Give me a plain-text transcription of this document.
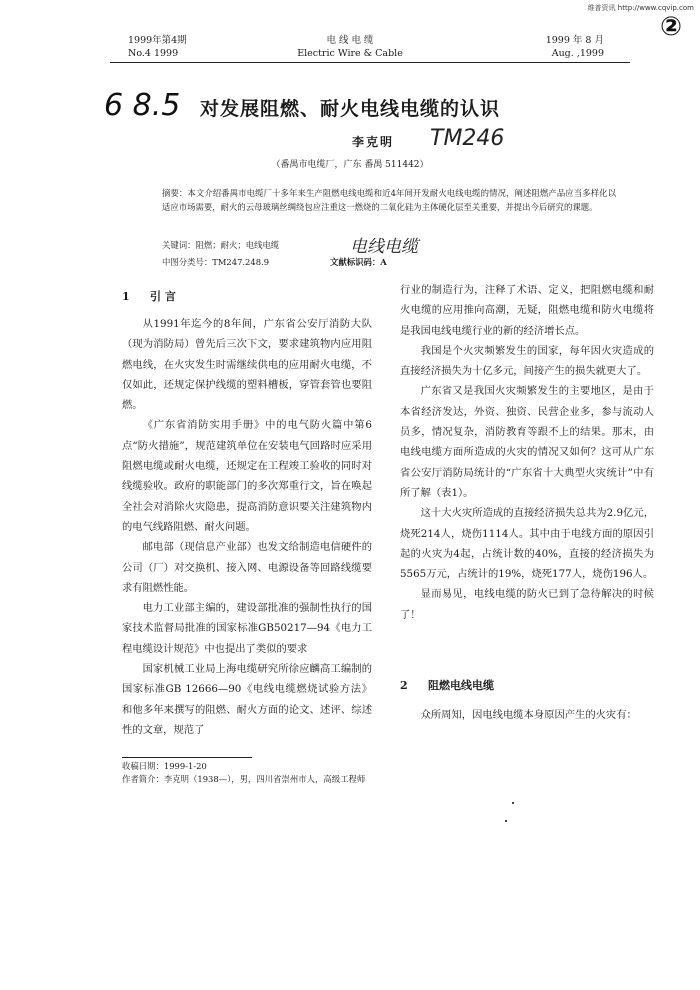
维普资讯 http://www.cqvip.com
②
1999年第4期
No.4 1999
电 线 电 缆
Electric Wire & Cable
1999 年 8 月
Aug. ,1999
6 8.5	对发展阻燃、耐火电线电缆的认识
李克明 TM246
（番禺市电缆厂，广东 番禺 511442）
摘要：本文介绍番禺市电缆厂十多年来生产阻燃电线电缆和近4年间开发耐火电线电缆的情况，阐述阻燃产品应当多样化以适应市场需要，耐火的云母玻璃丝绸绕包应注重这一燃烧的二氧化硅为主体硬化层至关重要，并提出今后研究的课题。
关键词：阻燃；耐火；电线电缆	电线电缆
中图分类号：TM247.248.9	文献标识码：A
1 引 言

从1991年迄今的8年间，广东省公安厅消防大队（现为消防局）曾先后三次下文，要求建筑物内应用阻燃电线，在火灾发生时需继续供电的应用耐火电缆，不仅如此，还规定保护线缆的塑料槽板，穿管套管也要阻燃。

《广东省消防实用手册》中的电气防火篇中第6点“防火措施”，规范建筑单位在安装电气回路时应采用阻燃电缆或耐火电缆，还规定在工程竣工验收的同时对线缆验收。政府的职能部门的多次郑重行文，旨在唤起全社会对消除火灾隐患，提高消防意识要关注建筑物内的电气线路阻燃、耐火问题。

邮电部（现信息产业部）也发文给制造电信硬件的公司（厂）对交换机、接入网、电源设备等回路线缆要求有阻燃性能。

电力工业部主编的，建设部批准的强制性执行的国家技术监督局批准的国家标准GB50217—94《电力工程电缆设计规范》中也提出了类似的要求

国家机械工业局上海电缆研究所徐应麟高工编制的国家标准GB 12666—90《电线电缆燃烧试验方法》和他多年来撰写的阻燃、耐火方面的论文、述评、综述性的文章，规范了

行业的制造行为，注释了术语、定义，把阻燃电缆和耐火电缆的应用推向高潮，无疑，阻燃电缆和防火电缆将是我国电线电缆行业的新的经济增长点。

我国是个火灾频繁发生的国家，每年因火灾造成的直接经济损失为十亿多元，间接产生的损失就更大了。

广东省又是我国火灾频繁发生的主要地区，是由于本省经济发达，外资、独资、民营企业多，参与流动人员多，情况复杂，消防教育等跟不上的结果。那末，由电线电缆方面所造成的火灾的情况又如何？这可从广东省公安厅消防局统计的“广东省十大典型火灾统计”中有所了解（表1）。

这十大火灾所造成的直接经济损失总共为2.9亿元，烧死214人，烧伤1114人。其中由于电线方面的原因引起的火灾为4起，占统计数的40%，直接的经济损失为5565万元，占统计的19%，烧死177人，烧伤196人。

显而易见，电线电缆的防火已到了急待解决的时候了！

2 阻燃电线电缆

众所周知，因电线电缆本身原因产生的火灾有：

收稿日期：1999-1-20

作者简介：李克明（1938—），男，四川省崇州市人，高级工程师
